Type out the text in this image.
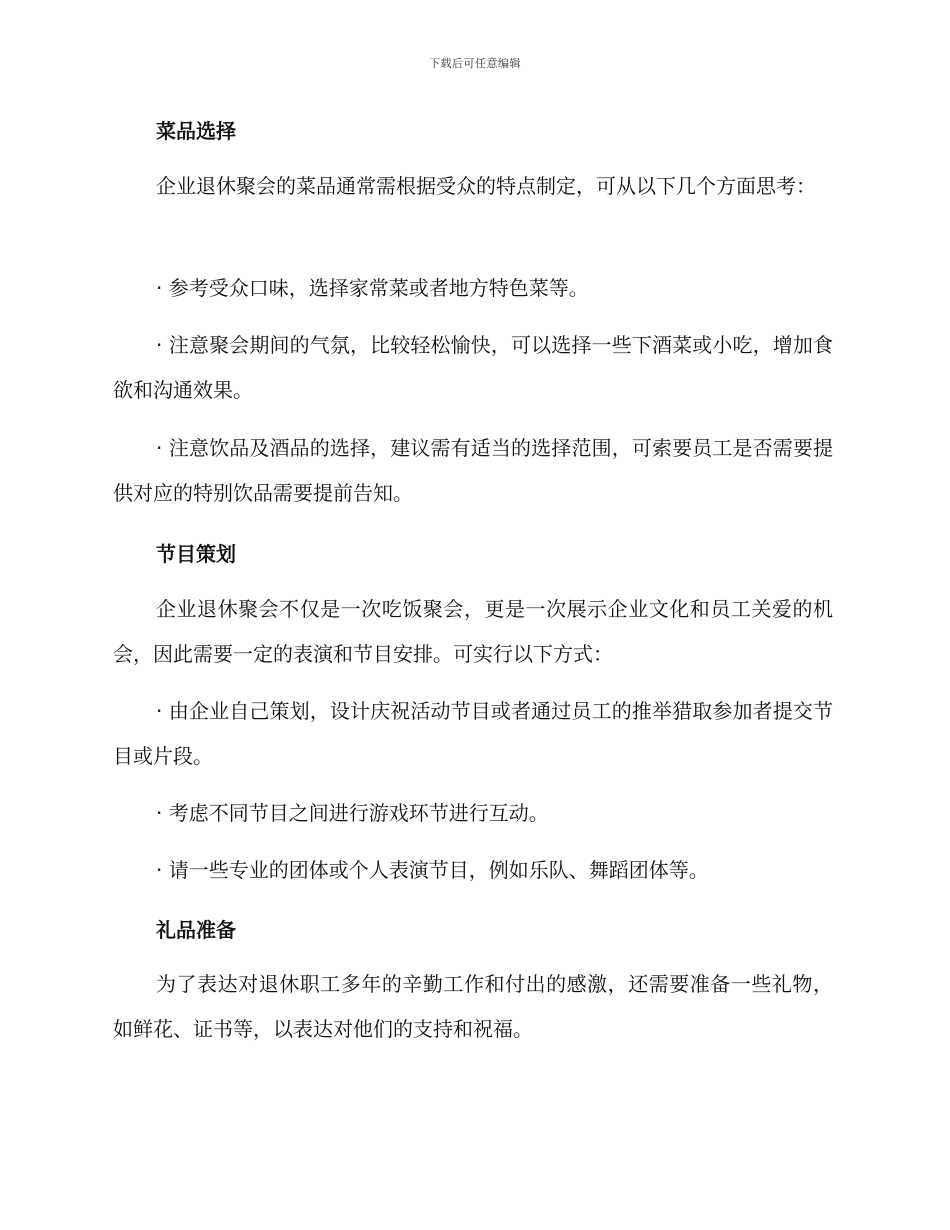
下载后可任意编辑
菜品选择

企业退休聚会的菜品通常需根据受众的特点制定，可从以下几个方面思考：

· 参考受众口味，选择家常菜或者地方特色菜等。

· 注意聚会期间的气氛，比较轻松愉快，可以选择一些下酒菜或小吃，增加食欲和沟通效果。

· 注意饮品及酒品的选择，建议需有适当的选择范围，可索要员工是否需要提供对应的特别饮品需要提前告知。

节目策划

企业退休聚会不仅是一次吃饭聚会，更是一次展示企业文化和员工关爱的机会，因此需要一定的表演和节目安排。可实行以下方式：

· 由企业自己策划，设计庆祝活动节目或者通过员工的推举猎取参加者提交节目或片段。

· 考虑不同节目之间进行游戏环节进行互动。

· 请一些专业的团体或个人表演节目，例如乐队、舞蹈团体等。

礼品准备

为了表达对退休职工多年的辛勤工作和付出的感激，还需要准备一些礼物，如鲜花、证书等，以表达对他们的支持和祝福。
